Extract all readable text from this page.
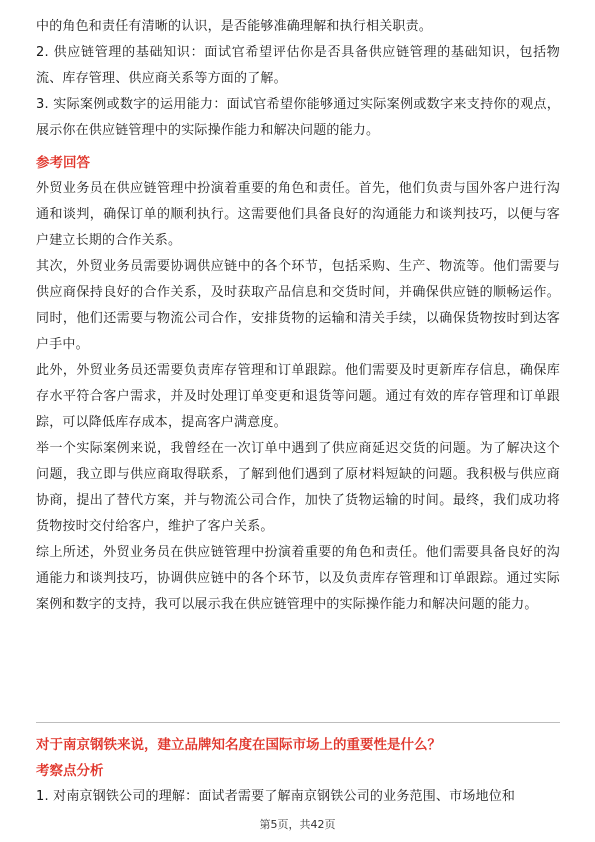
中的角色和责任有清晰的认识，是否能够准确理解和执行相关职责。

2. 供应链管理的基础知识：面试官希望评估你是否具备供应链管理的基础知识，包括物流、库存管理、供应商关系等方面的了解。

3. 实际案例或数字的运用能力：面试官希望你能够通过实际案例或数字来支持你的观点，展示你在供应链管理中的实际操作能力和解决问题的能力。

参考回答

外贸业务员在供应链管理中扮演着重要的角色和责任。首先，他们负责与国外客户进行沟通和谈判，确保订单的顺利执行。这需要他们具备良好的沟通能力和谈判技巧，以便与客户建立长期的合作关系。

其次，外贸业务员需要协调供应链中的各个环节，包括采购、生产、物流等。他们需要与供应商保持良好的合作关系，及时获取产品信息和交货时间，并确保供应链的顺畅运作。同时，他们还需要与物流公司合作，安排货物的运输和清关手续，以确保货物按时到达客户手中。

此外，外贸业务员还需要负责库存管理和订单跟踪。他们需要及时更新库存信息，确保库存水平符合客户需求，并及时处理订单变更和退货等问题。通过有效的库存管理和订单跟踪，可以降低库存成本，提高客户满意度。

举一个实际案例来说，我曾经在一次订单中遇到了供应商延迟交货的问题。为了解决这个问题，我立即与供应商取得联系，了解到他们遇到了原材料短缺的问题。我积极与供应商协商，提出了替代方案，并与物流公司合作，加快了货物运输的时间。最终，我们成功将货物按时交付给客户，维护了客户关系。

综上所述，外贸业务员在供应链管理中扮演着重要的角色和责任。他们需要具备良好的沟通能力和谈判技巧，协调供应链中的各个环节，以及负责库存管理和订单跟踪。通过实际案例和数字的支持，我可以展示我在供应链管理中的实际操作能力和解决问题的能力。

对于南京钢铁来说，建立品牌知名度在国际市场上的重要性是什么？

考察点分析

1. 对南京钢铁公司的理解：面试者需要了解南京钢铁公司的业务范围、市场地位和

第5页，共42页
